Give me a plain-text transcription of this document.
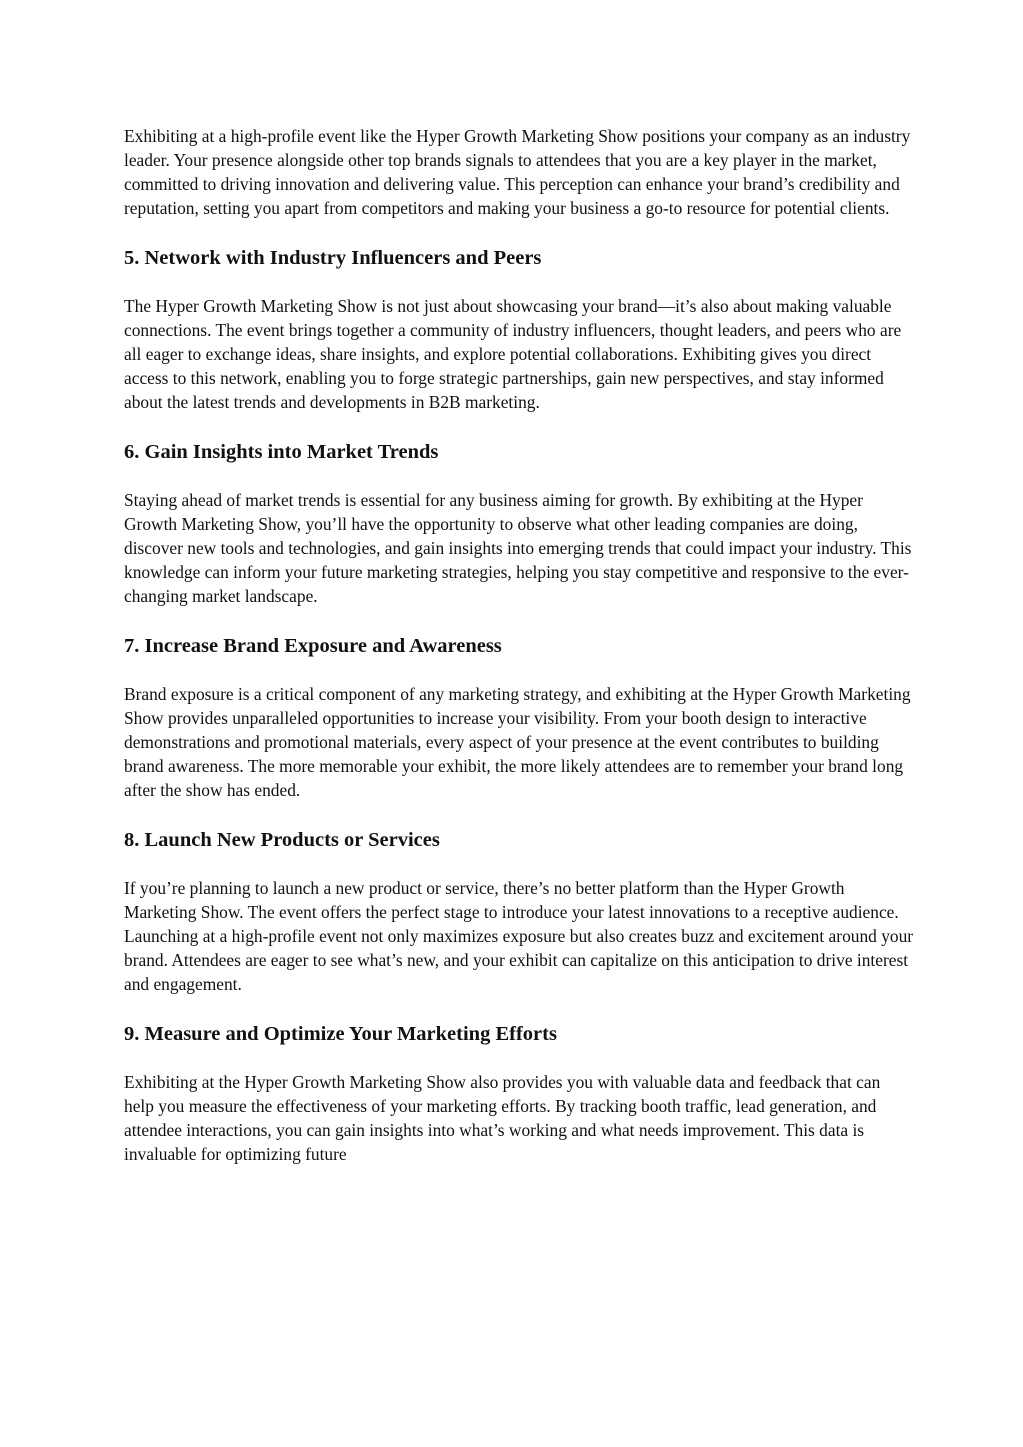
Exhibiting at a high-profile event like the Hyper Growth Marketing Show positions your company as an industry leader. Your presence alongside other top brands signals to attendees that you are a key player in the market, committed to driving innovation and delivering value. This perception can enhance your brand’s credibility and reputation, setting you apart from competitors and making your business a go-to resource for potential clients.

5. Network with Industry Influencers and Peers

The Hyper Growth Marketing Show is not just about showcasing your brand—it’s also about making valuable connections. The event brings together a community of industry influencers, thought leaders, and peers who are all eager to exchange ideas, share insights, and explore potential collaborations. Exhibiting gives you direct access to this network, enabling you to forge strategic partnerships, gain new perspectives, and stay informed about the latest trends and developments in B2B marketing.

6. Gain Insights into Market Trends

Staying ahead of market trends is essential for any business aiming for growth. By exhibiting at the Hyper Growth Marketing Show, you’ll have the opportunity to observe what other leading companies are doing, discover new tools and technologies, and gain insights into emerging trends that could impact your industry. This knowledge can inform your future marketing strategies, helping you stay competitive and responsive to the ever-changing market landscape.

7. Increase Brand Exposure and Awareness

Brand exposure is a critical component of any marketing strategy, and exhibiting at the Hyper Growth Marketing Show provides unparalleled opportunities to increase your visibility. From your booth design to interactive demonstrations and promotional materials, every aspect of your presence at the event contributes to building brand awareness. The more memorable your exhibit, the more likely attendees are to remember your brand long after the show has ended.

8. Launch New Products or Services

If you’re planning to launch a new product or service, there’s no better platform than the Hyper Growth Marketing Show. The event offers the perfect stage to introduce your latest innovations to a receptive audience. Launching at a high-profile event not only maximizes exposure but also creates buzz and excitement around your brand. Attendees are eager to see what’s new, and your exhibit can capitalize on this anticipation to drive interest and engagement.

9. Measure and Optimize Your Marketing Efforts

Exhibiting at the Hyper Growth Marketing Show also provides you with valuable data and feedback that can help you measure the effectiveness of your marketing efforts. By tracking booth traffic, lead generation, and attendee interactions, you can gain insights into what’s working and what needs improvement. This data is invaluable for optimizing future
